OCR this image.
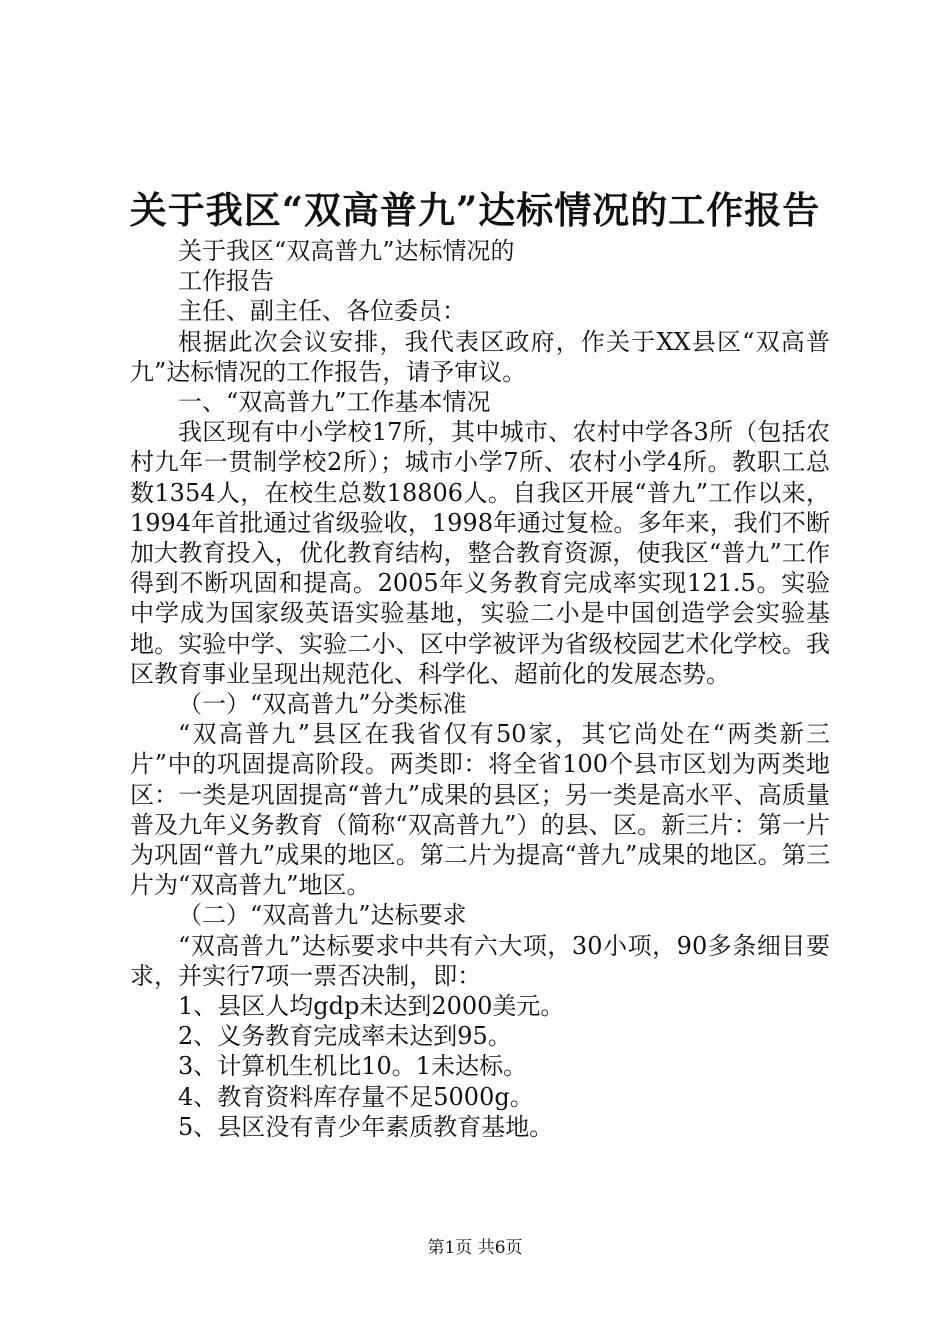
关于我区“双高普九”达标情况的工作报告

关于我区“双高普九”达标情况的

工作报告

主任、副主任、各位委员：

根据此次会议安排，我代表区政府，作关于XX县区“双高普九”达标情况的工作报告，请予审议。

一、“双高普九”工作基本情况

我区现有中小学校17所，其中城市、农村中学各3所（包括农村九年一贯制学校2所）；城市小学7所、农村小学4所。教职工总数1354人，在校生总数18806人。自我区开展“普九”工作以来，1994年首批通过省级验收，1998年通过复检。多年来，我们不断加大教育投入，优化教育结构，整合教育资源，使我区“普九”工作得到不断巩固和提高。2005年义务教育完成率实现121.5。实验中学成为国家级英语实验基地，实验二小是中国创造学会实验基地。实验中学、实验二小、区中学被评为省级校园艺术化学校。我区教育事业呈现出规范化、科学化、超前化的发展态势。

（一）“双高普九”分类标准

“双高普九”县区在我省仅有50家，其它尚处在“两类新三片”中的巩固提高阶段。两类即：将全省100个县市区划为两类地区：一类是巩固提高“普九”成果的县区；另一类是高水平、高质量普及九年义务教育（简称“双高普九”）的县、区。新三片：第一片为巩固“普九”成果的地区。第二片为提高“普九”成果的地区。第三片为“双高普九”地区。

（二）“双高普九”达标要求

“双高普九”达标要求中共有六大项，30小项，90多条细目要求，并实行7项一票否决制，即：

1、县区人均gdp未达到2000美元。

2、义务教育完成率未达到95。

3、计算机生机比10。1未达标。

4、教育资料库存量不足5000g。

5、县区没有青少年素质教育基地。

第1页 共6页
